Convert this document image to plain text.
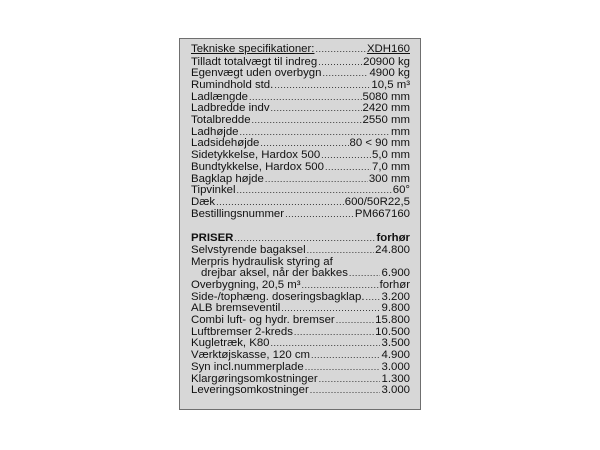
Tekniske specifikationer: .....	XDH160
Tilladt totalvægt til indreg .....	20900 kg
Egenvægt uden overbygn .....	4900 kg
Rumindhold std. .....	10,5 m³
Ladlængde .....	5080 mm
Ladbredde indv .....	2420 mm
Totalbredde .....	2550 mm
Ladhøjde .....	mm
Ladsidehøjde .....	80 < 90 mm
Sidetykkelse, Hardox 500 .....	5,0 mm
Bundtykkelse, Hardox 500 .....	7,0 mm
Bagklap højde .....	300 mm
Tipvinkel .....	60°
Dæk .....	600/50R22,5
Bestillingsnummer .....	PM667160
PRISER .....	forhør
Selvstyrende bagaksel .....	24.800
Merpris hydraulisk styring af
drejbar aksel, når der bakkes .....	6.900
Overbygning, 20,5 m³ .....	forhør
Side-/tophæng. doseringsbagklap. ..... 3.200
ALB bremseventil .....	9.800
Combi luft- og hydr. bremser .....	15.800
Luftbremser 2-kreds .....	10.500
Kugletræk, K80 .....	3.500
Værktøjskasse, 120 cm .....	4.900
Syn incl.nummerplade .....	3.000
Klargøringsomkostninger .....	1.300
Leveringsomkostninger .....	3.000
